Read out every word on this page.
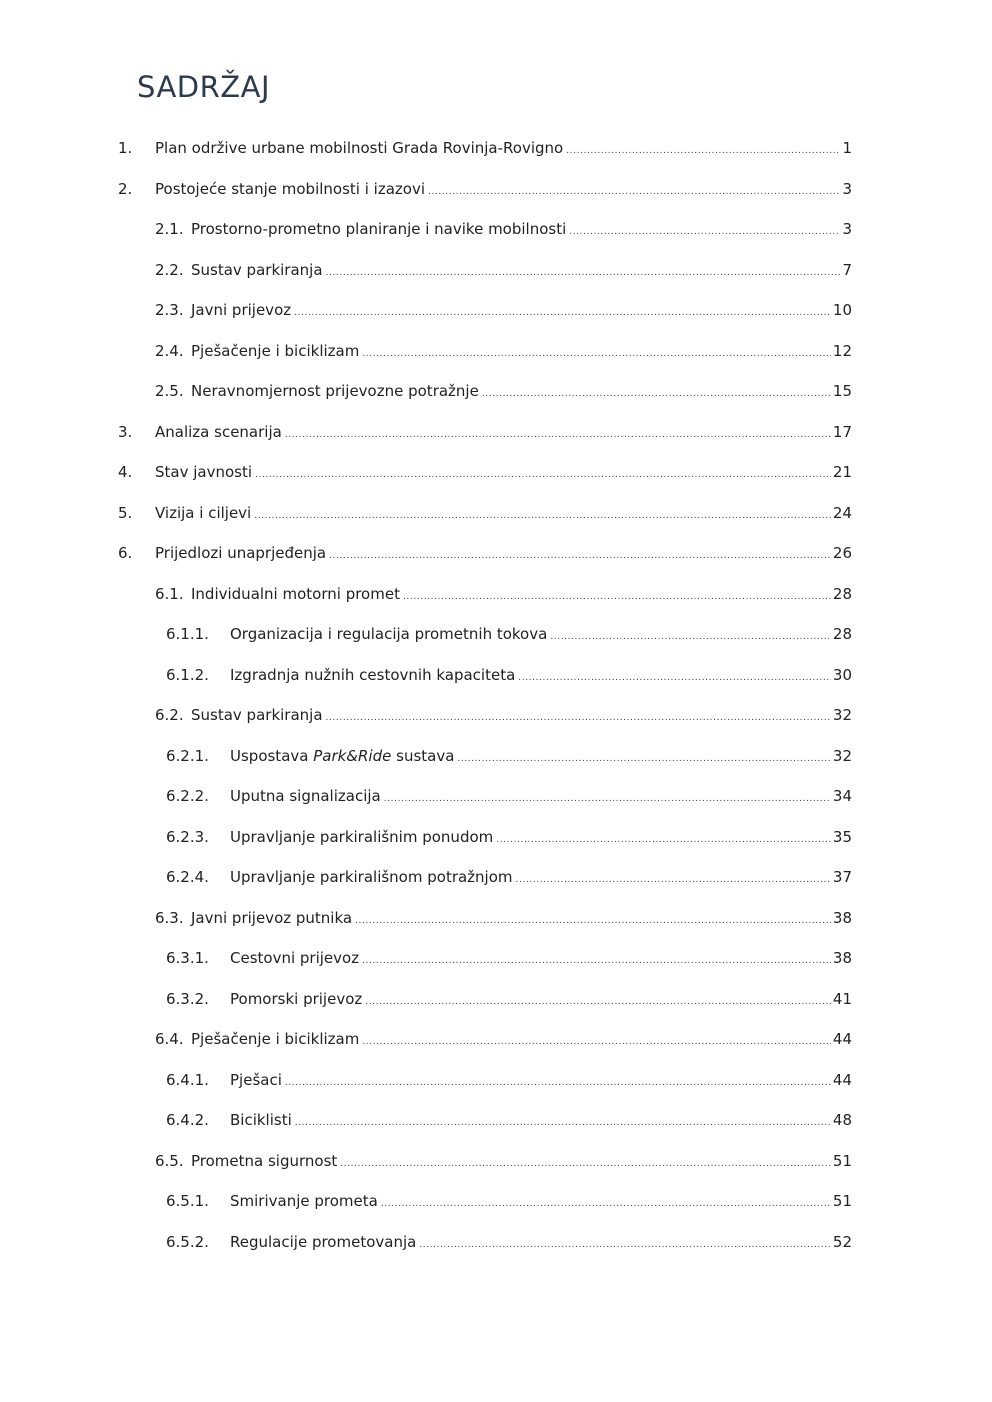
SADRŽAJ
1.	Plan održive urbane mobilnosti Grada Rovinja-Rovigno .....	1
2.	Postojeće stanje mobilnosti i izazovi .....	3
2.1. Prostorno-prometno planiranje i navike mobilnosti .....	3
2.2. Sustav parkiranja .....	7
2.3. Javni prijevoz .....	10
2.4. Pješačenje i biciklizam .....	12
2.5. Neravnomjernost prijevozne potražnje .....	15
3.	Analiza scenarija .....	17
4.	Stav javnosti .....	21
5.	Vizija i ciljevi .....	24
6.	Prijedlozi unaprjeđenja .....	26
6.1. Individualni motorni promet .....	28
6.1.1.	Organizacija i regulacija prometnih tokova .....	28
6.1.2.	Izgradnja nužnih cestovnih kapaciteta .....	30
6.2. Sustav parkiranja .....	32
6.2.1.	Uspostava Park&Ride sustava .....	32
6.2.2.	Uputna signalizacija .....	34
6.2.3.	Upravljanje parkirališnim ponudom .....	35
6.2.4.	Upravljanje parkirališnom potražnjom .....	37
6.3. Javni prijevoz putnika .....	38
6.3.1.	Cestovni prijevoz .....	38
6.3.2.	Pomorski prijevoz .....	41
6.4. Pješačenje i biciklizam .....	44
6.4.1.	Pješaci .....	44
6.4.2.	Biciklisti .....	48
6.5. Prometna sigurnost .....	51
6.5.1.	Smirivanje prometa .....	51
6.5.2.	Regulacije prometovanja .....	52
